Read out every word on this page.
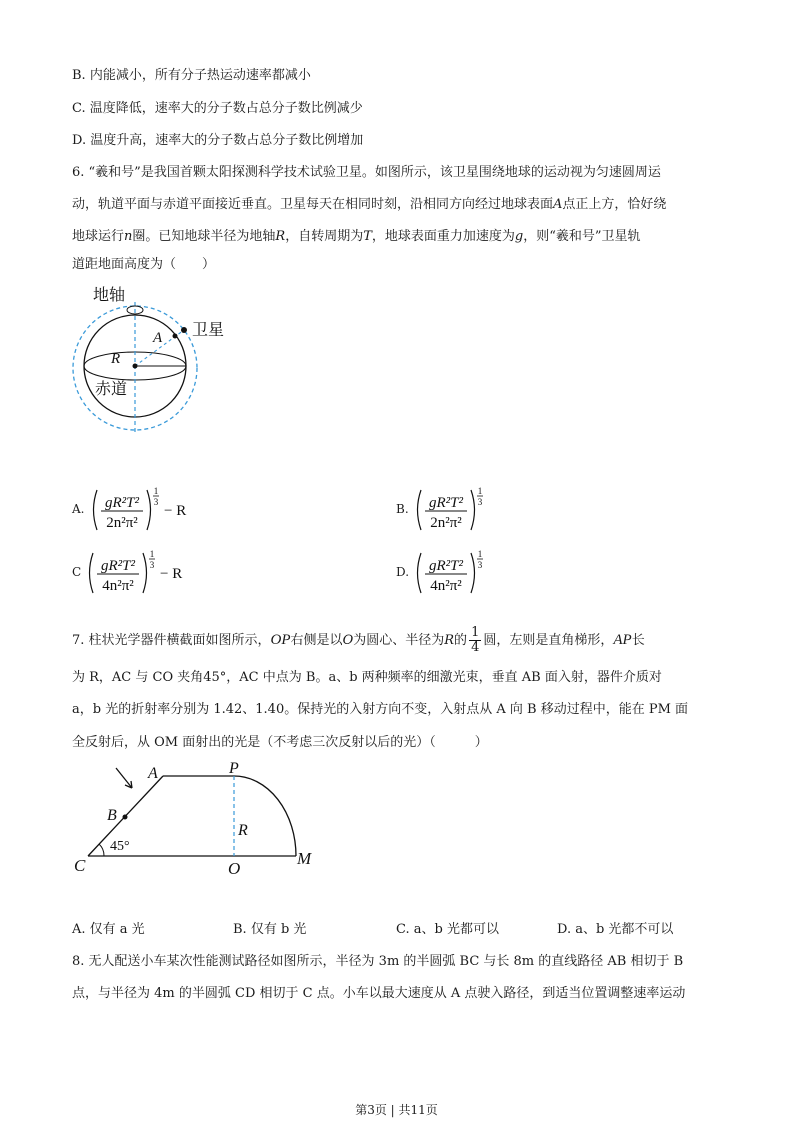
B. 内能减小，所有分子热运动速率都减小
C. 温度降低，速率大的分子数占总分子数比例减少
D. 温度升高，速率大的分子数占总分子数比例增加
6. “羲和号”是我国首颗太阳探测科学技术试验卫星。如图所示，该卫星围绕地球的运动视为匀速圆周运
动，轨道平面与赤道平面接近垂直。卫星每天在相同时刻，沿相同方向经过地球表面A点正上方，恰好绕
地球运行n圈。已知地球半径为地轴R，自转周期为T，地球表面重力加速度为g，则“羲和号”卫星轨
道距地面高度为（　　）
地轴
卫星
A
R
赤道
A. gR²T²
2n²π²
1
3
− R	B. gR²T²
2n²π²
1
3
C gR²T²
4n²π²
1
3
− R	D. gR²T²
4n²π²
1
3
7. 柱状光学器件横截面如图所示，OP右侧是以O为圆心、半径为R的 $\frac{1}{4}$ 圆，左则是直角梯形，AP长
为 R，AC 与 CO 夹角45°，AC 中点为 B。a、b 两种频率的细激光束，垂直 AB 面入射，器件介质对
a，b 光的折射率分别为 1.42、1.40。保持光的入射方向不变，入射点从 A 向 B 移动过程中，能在 PM 面
全反射后，从 OM 面射出的光是（不考虑三次反射以后的光）（　　　）
A	P
B
R
45°
C	O
M
A. 仅有 a 光	B. 仅有 b 光	C. a、b 光都可以	D. a、b 光都不可以
8. 无人配送小车某次性能测试路径如图所示，半径为 3m 的半圆弧 BC 与长 8m 的直线路径 AB 相切于 B
点，与半径为 4m 的半圆弧 CD 相切于 C 点。小车以最大速度从 A 点驶入路径，到适当位置调整速率运动
第3页 | 共11页
